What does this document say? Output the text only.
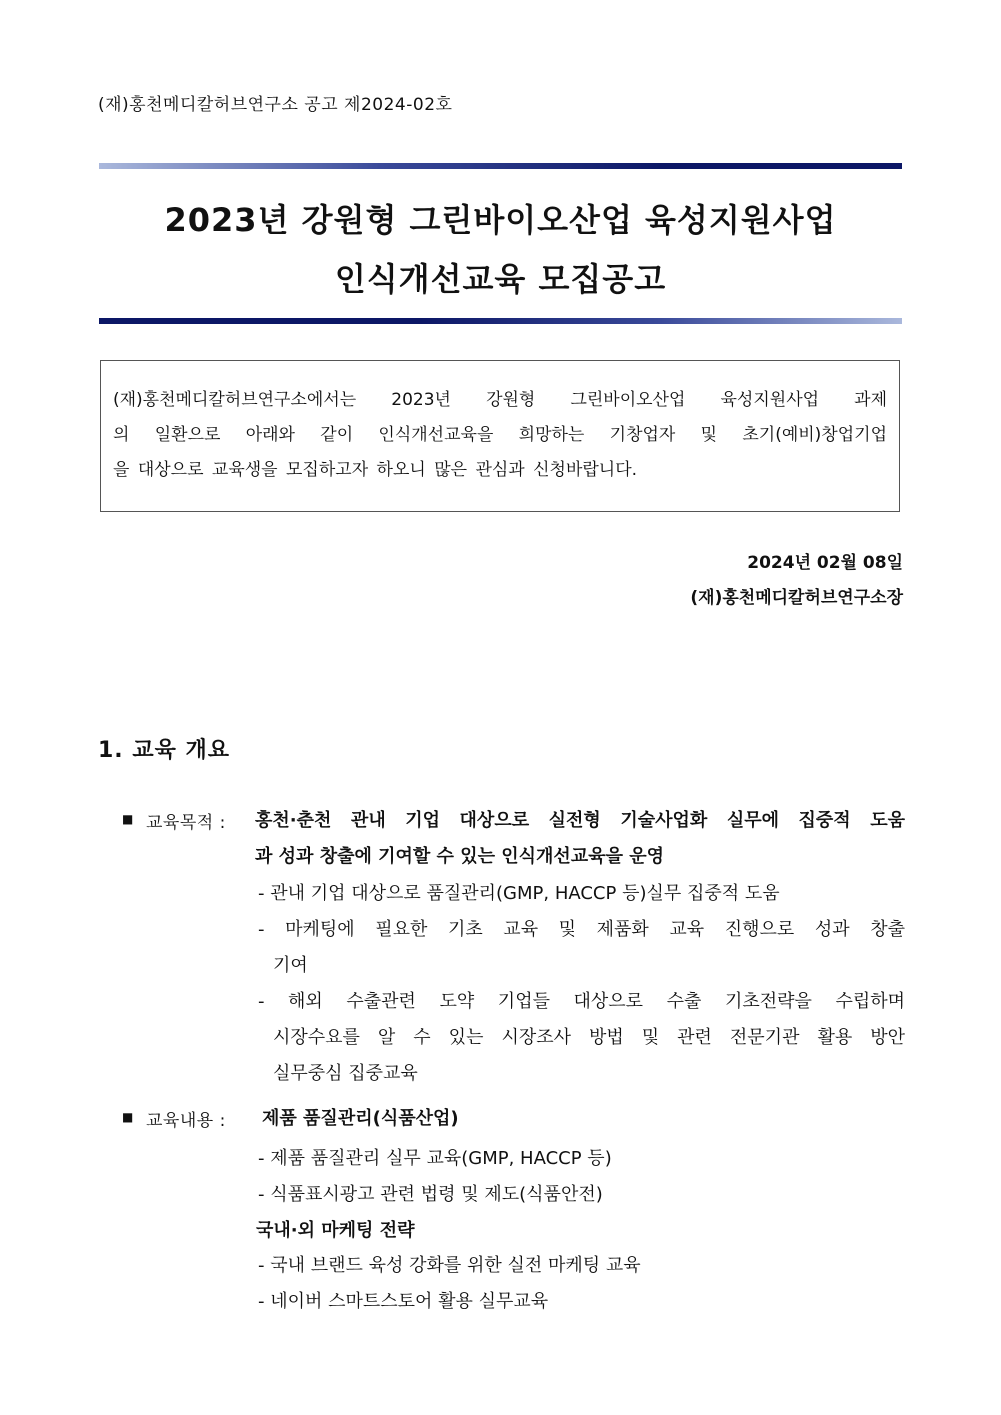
(재)홍천메디칼허브연구소 공고 제2024-02호
2023년 강원형 그린바이오산업 육성지원사업
인식개선교육 모집공고

(재)홍천메디칼허브연구소에서는 2023년 강원형 그린바이오산업 육성지원사업 과제

의 일환으로 아래와 같이 인식개선교육을 희망하는 기창업자 및 초기(예비)창업기업

을 대상으로 교육생을 모집하고자 하오니 많은 관심과 신청바랍니다.

2024년 02월 08일
(재)홍천메디칼허브연구소장
1. 교육 개요
■ 교육목적 : 홍천·춘천 관내 기업 대상으로 실전형 기술사업화 실무에 집중적 도움
과 성과 창출에 기여할 수 있는 인식개선교육을 운영
- 관내 기업 대상으로 품질관리(GMP, HACCP 등)실무 집중적 도움
- 마케팅에 필요한 기초 교육 및 제품화 교육 진행으로 성과 창출
기여
- 해외 수출관련 도약 기업들 대상으로 수출 기초전략을 수립하며
시장수요를 알 수 있는 시장조사 방법 및 관련 전문기관 활용 방안
실무중심 집중교육
■ 교육내용 : 제품 품질관리(식품산업)
- 제품 품질관리 실무 교육(GMP, HACCP 등)
- 식품표시광고 관련 법령 및 제도(식품안전)
국내·외 마케팅 전략
- 국내 브랜드 육성 강화를 위한 실전 마케팅 교육
- 네이버 스마트스토어 활용 실무교육
